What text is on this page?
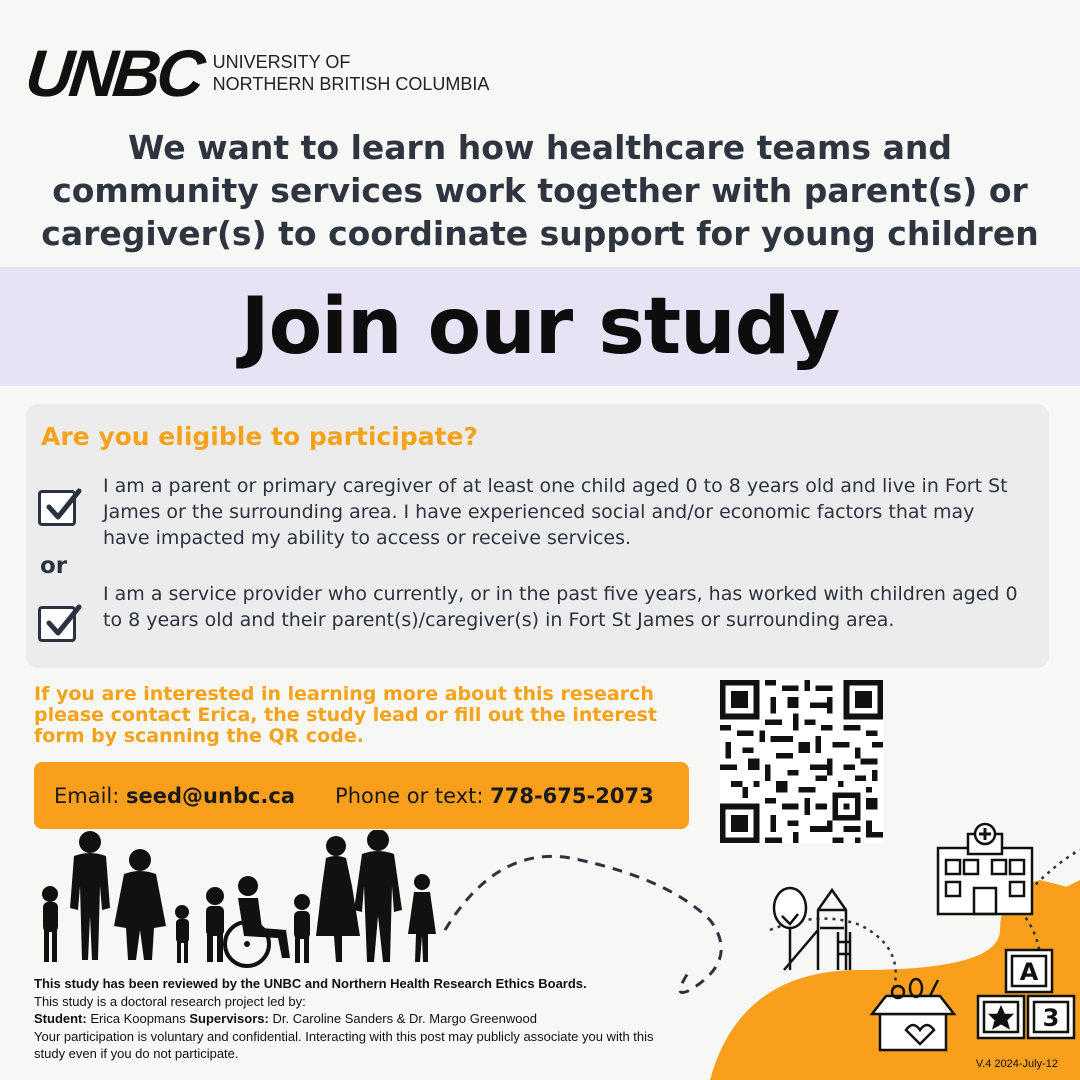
UNBC UNIVERSITY OF
NORTHERN BRITISH COLUMBIA
We want to learn how healthcare teams and community services work together with parent(s) or caregiver(s) to coordinate support for young children
Join our study
Are you eligible to participate?
I am a parent or primary caregiver of at least one child aged 0 to 8 years old and live in Fort St James or the surrounding area. I have experienced social and/or economic factors that may have impacted my ability to access or receive services.
or
I am a service provider who currently, or in the past five years, has worked with children aged 0 to 8 years old and their parent(s)/caregiver(s) in Fort St James or surrounding area.
If you are interested in learning more about this research please contact Erica, the study lead or fill out the interest form by scanning the QR code.
Email: seed@unbc.ca Phone or text: 778-675-2073
A
3
This study has been reviewed by the UNBC and Northern Health Research Ethics Boards.
This study is a doctoral research project led by:
Student: Erica Koopmans Supervisors: Dr. Caroline Sanders & Dr. Margo Greenwood
Your participation is voluntary and confidential. Interacting with this post may publicly associate you with this study even if you do not participate.
V.4 2024-July-12
